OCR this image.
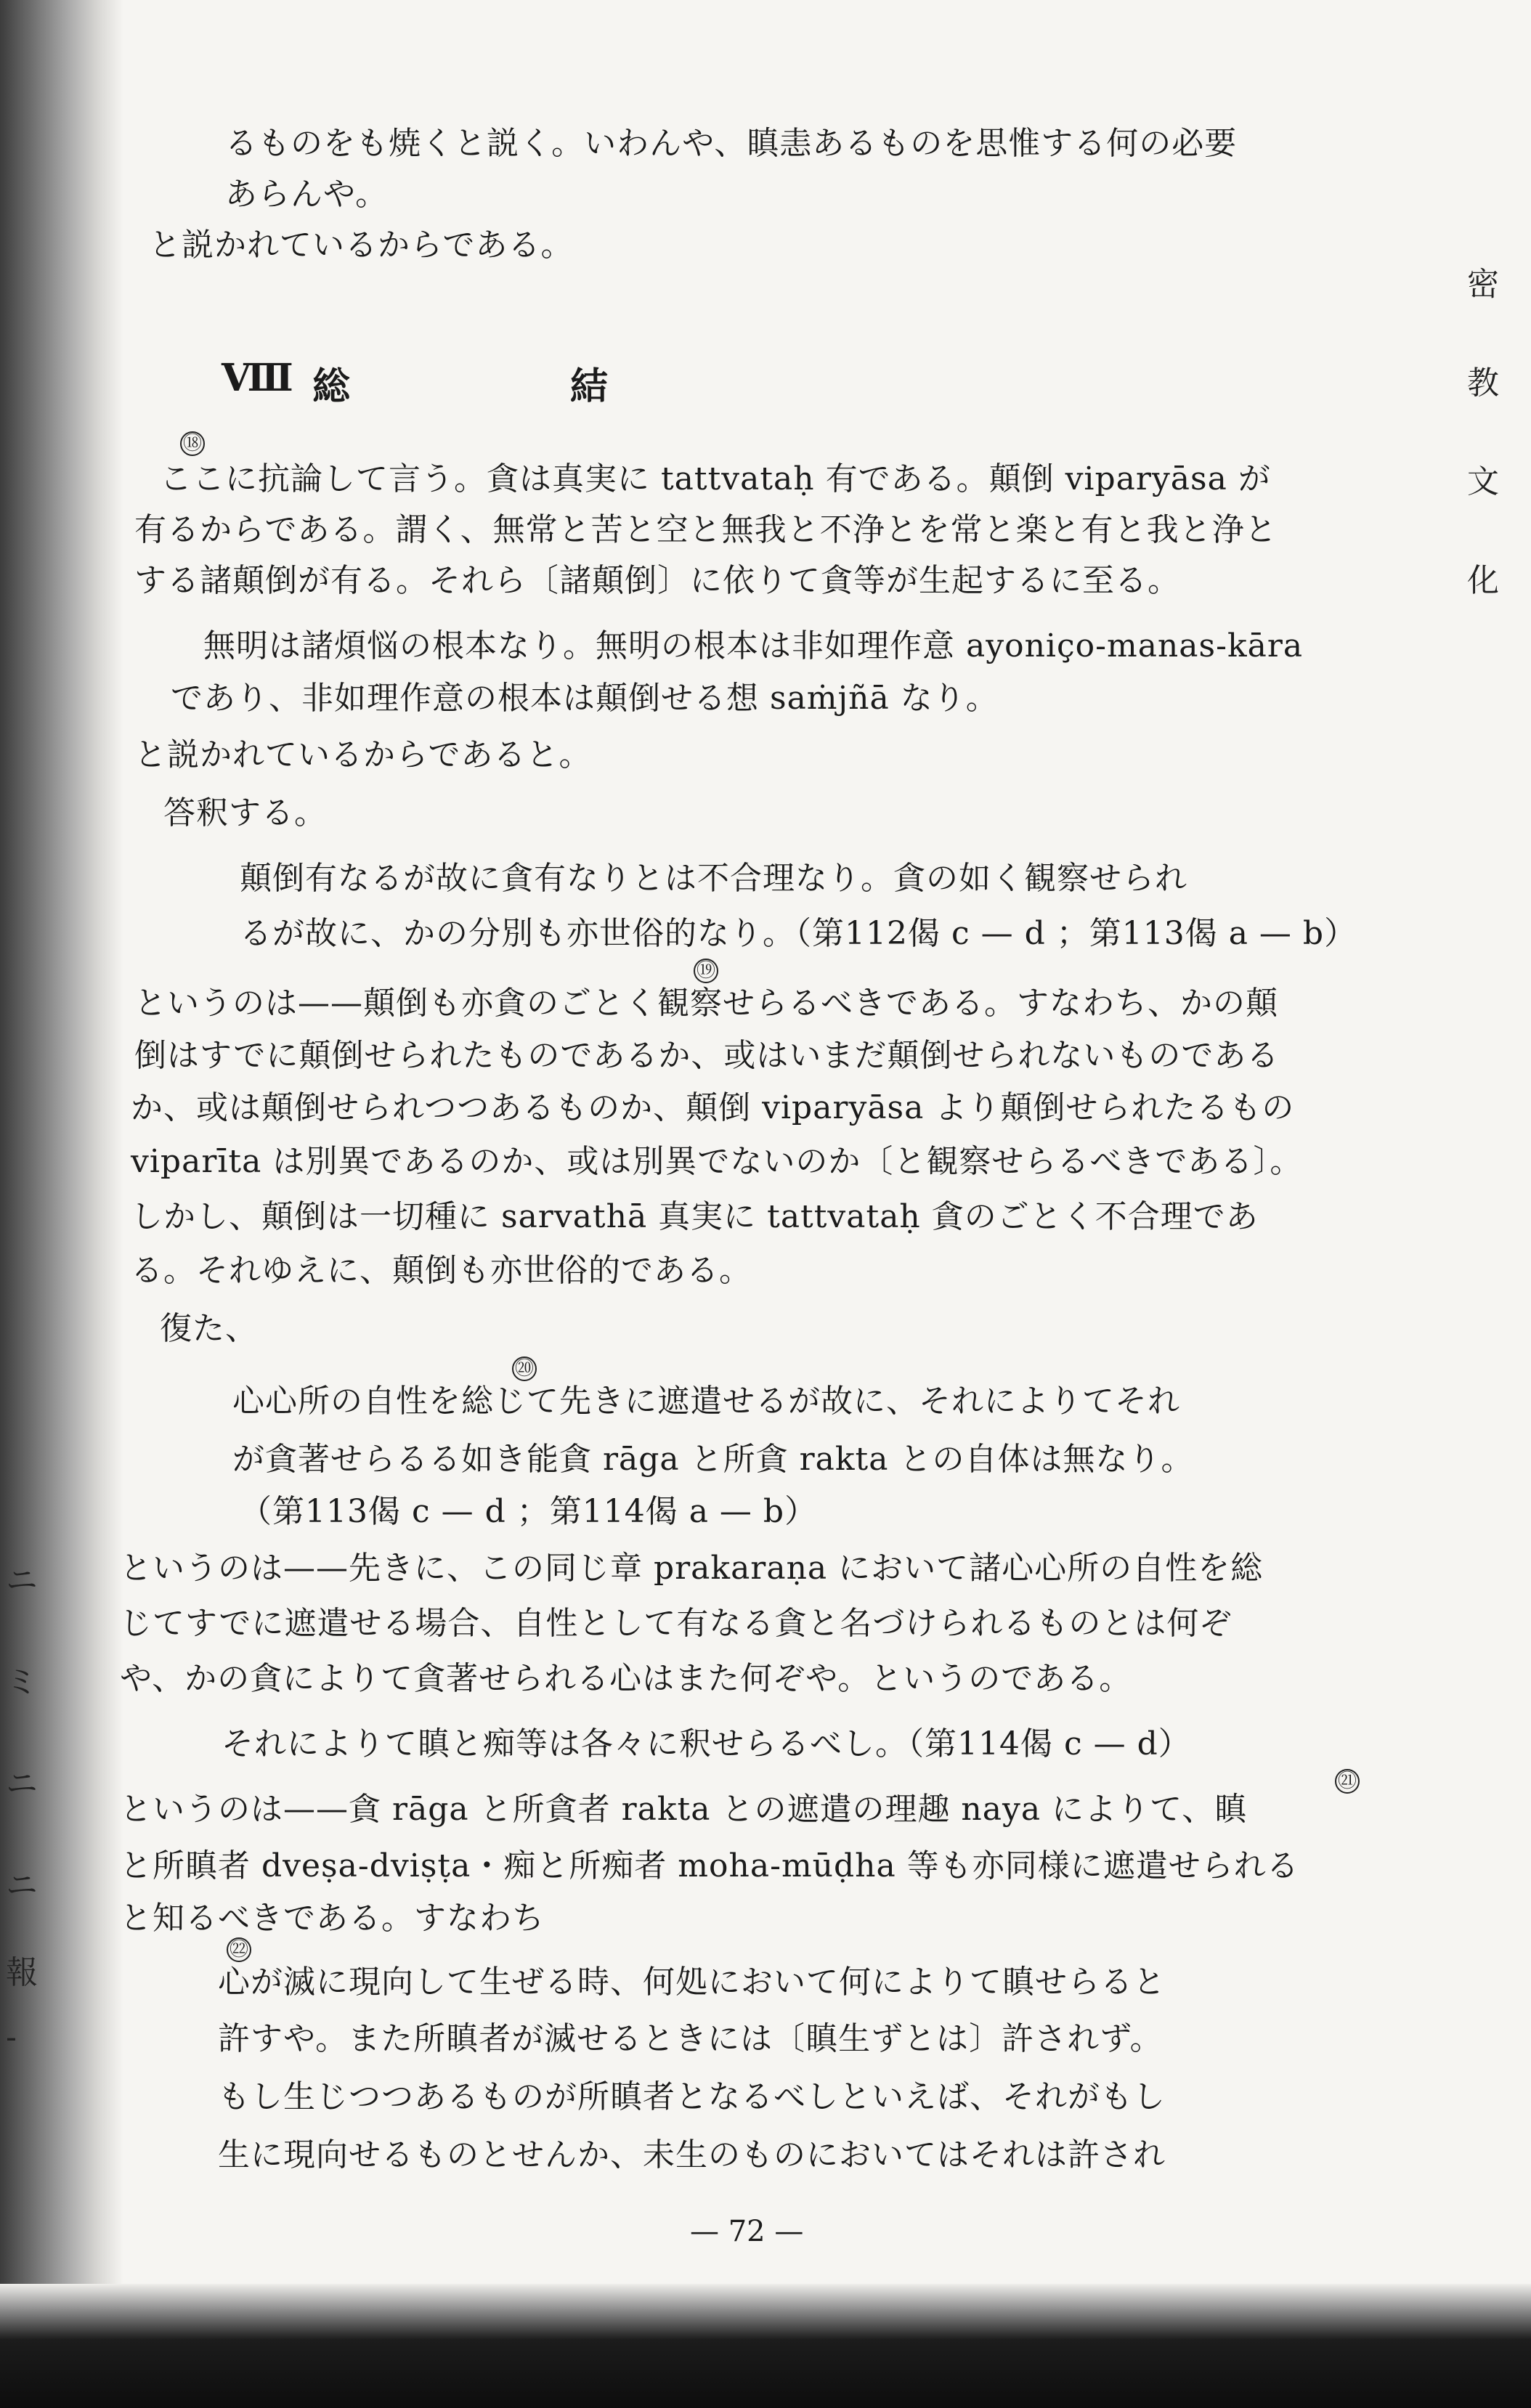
ニ
ミ
ニ
ニ
報
-
密
教
文
化
るものをも焼くと説く。いわんや、瞋恚あるものを思惟する何の必要
あらんや。
と説かれているからである。
Ⅷ 総	結
⑱
ここに抗論して言う。貪は真実に tattvataḥ 有である。顛倒 viparyāsa が
有るからである。謂く、無常と苦と空と無我と不浄とを常と楽と有と我と浄と
する諸顛倒が有る。それら〔諸顛倒〕に依りて貪等が生起するに至る。
無明は諸煩悩の根本なり。無明の根本は非如理作意 ayoniço-manas-kāra
であり、非如理作意の根本は顛倒せる想 saṁjñā なり。
と説かれているからであると。
答釈する。
顛倒有なるが故に貪有なりとは不合理なり。貪の如く観察せられ
るが故に、かの分別も亦世俗的なり。（第112偈 c — d ；第113偈 a — b）
⑲
というのは——顛倒も亦貪のごとく観察せらるべきである。すなわち、かの顛
倒はすでに顛倒せられたものであるか、或はいまだ顛倒せられないものである
か、或は顛倒せられつつあるものか、顛倒 viparyāsa より顛倒せられたるもの
viparīta は別異であるのか、或は別異でないのか〔と観察せらるべきである〕。
しかし、顛倒は一切種に sarvathā 真実に tattvataḥ 貪のごとく不合理であ
る。それゆえに、顛倒も亦世俗的である。
復た、
⑳
心心所の自性を総じて先きに遮遣せるが故に、それによりてそれ
が貪著せらるる如き能貪 rāga と所貪 rakta との自体は無なり。
（第113偈 c — d ；第114偈 a — b）
というのは——先きに、この同じ章 prakaraṇa において諸心心所の自性を総
じてすでに遮遣せる場合、自性として有なる貪と名づけられるものとは何ぞ
や、かの貪によりて貪著せられる心はまた何ぞや。というのである。
それによりて瞋と痴等は各々に釈せらるべし。（第114偈 c — d）
㉑
というのは——貪 rāga と所貪者 rakta との遮遣の理趣 naya によりて、瞋
と所瞋者 dveṣa-dviṣṭa・痴と所痴者 moha-mūḍha 等も亦同様に遮遣せられる
と知るべきである。すなわち
㉒
心が滅に現向して生ぜる時、何処において何によりて瞋せらると
許すや。また所瞋者が滅せるときには〔瞋生ずとは〕許されず。
もし生じつつあるものが所瞋者となるべしといえば、それがもし
生に現向せるものとせんか、未生のものにおいてはそれは許され
— 72 —
